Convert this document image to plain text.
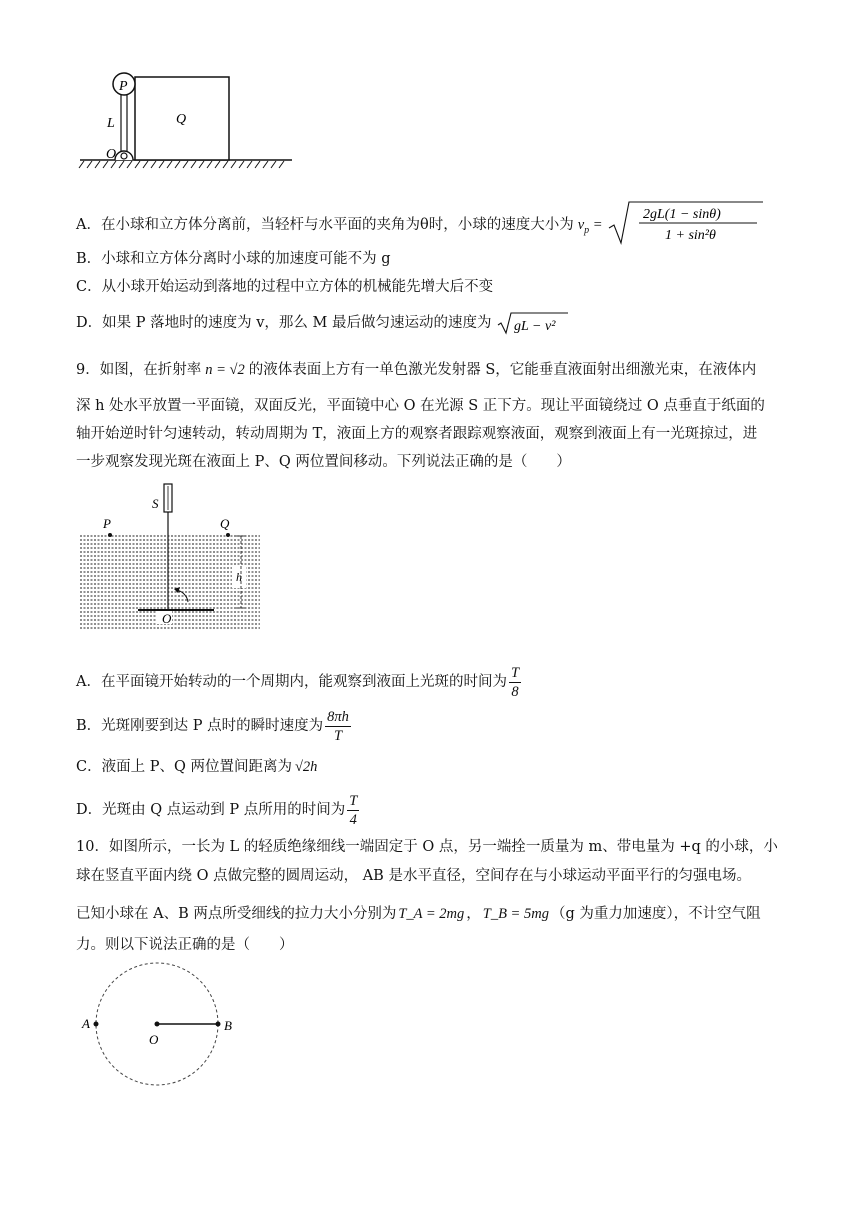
P
L	Q
O
A．在小球和立方体分离前，当轻杆与水平面的夹角为θ时，小球的速度大小为 $v_p$ =
2gL(1 − sinθ)
1 + sin²θ
B．小球和立方体分离时小球的加速度可能不为 g
C．从小球开始运动到落地的过程中立方体的机械能先增大后不变
D．如果 P 落地时的速度为 v，那么 M 最后做匀速运动的速度为 gL − v²
9．如图，在折射率 n = √2 的液体表面上方有一单色激光发射器 S，它能垂直液面射出细激光束，在液体内
深 h 处水平放置一平面镜，双面反光，平面镜中心 O 在光源 S 正下方。现让平面镜绕过 O 点垂直于纸面的
轴开始逆时针匀速转动，转动周期为 T，液面上方的观察者跟踪观察液面，观察到液面上有一光斑掠过，进
一步观察发现光斑在液面上 P、Q 两位置间移动。下列说法正确的是（　　）
S
h
P	Q
O
A．在平面镜开始转动的一个周期内，能观察到液面上光斑的时间为 $\frac{T}{8}$
B．光斑刚要到达 P 点时的瞬时速度为 $\frac{8\pi h}{T}$
C．液面上 P、Q 两位置间距离为 √2h
D．光斑由 Q 点运动到 P 点所用的时间为 $\frac{T}{4}$
10．如图所示，一长为 L 的轻质绝缘细线一端固定于 O 点，另一端拴一质量为 m、带电量为 +q 的小球，小
球在竖直平面内绕 O 点做完整的圆周运动， AB 是水平直径，空间存在与小球运动平面平行的匀强电场。
已知小球在 A、B 两点所受细线的拉力大小分别为 T_A = 2mg ， T_B = 5mg （g 为重力加速度），不计空气阻
力。则以下说法正确的是（　　）
A
O
B
